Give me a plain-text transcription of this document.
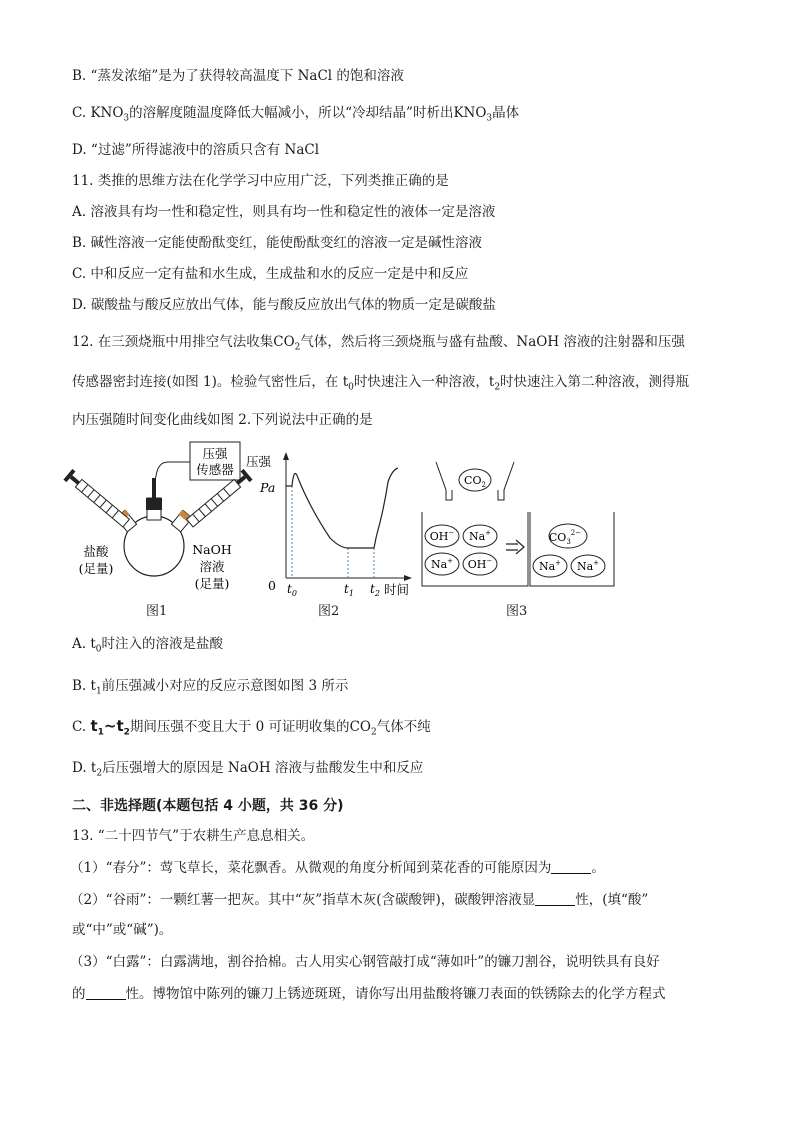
B. “蒸发浓缩”是为了获得较高温度下 NaCl 的饱和溶液
C. $KNO_3$的溶解度随温度降低大幅减小，所以“冷却结晶”时析出$KNO_3$晶体
D. “过滤”所得滤液中的溶质只含有 NaCl
11. 类推的思维方法在化学学习中应用广泛，下列类推正确的是
A. 溶液具有均一性和稳定性，则具有均一性和稳定性的液体一定是溶液
B. 碱性溶液一定能使酚酞变红，能使酚酞变红的溶液一定是碱性溶液
C. 中和反应一定有盐和水生成，生成盐和水的反应一定是中和反应
D. 碳酸盐与酸反应放出气体，能与酸反应放出气体的物质一定是碳酸盐
12. 在三颈烧瓶中用排空气法收集$CO_2$气体，然后将三颈烧瓶与盛有盐酸、NaOH 溶液的注射器和压强
传感器密封连接(如图 1)。检验气密性后，在 $t_0$时快速注入一种溶液，$t_2$时快速注入第二种溶液，测得瓶
内压强随时间变化曲线如图 2.下列说法中正确的是
压强
传感器
盐酸
(足量)
NaOH
溶液
(足量)
图1
压强
Pa
0 $t_0$	$t_1$ $t_2$ 时间
图2
$CO_2$
OH− Na+
Na+ OH−
$CO_3^{2-}$
Na+ Na+
图3
A. $t_0$时注入的溶液是盐酸
B. $t_1$前压强减小对应的反应示意图如图 3 所示
C. $t_1\sim t_2$期间压强不变且大于 0 可证明收集的$CO_2$气体不纯
D. $t_2$后压强增大的原因是 NaOH 溶液与盐酸发生中和反应
二、非选择题(本题包括 4 小题，共 36 分)
13. “二十四节气”于农耕生产息息相关。
（1）“春分”：莺飞草长，菜花飘香。从微观的角度分析闻到菜花香的可能原因为	。
（2）“谷雨”：一颗红薯一把灰。其中“灰”指草木灰(含碳酸钾)，碳酸钾溶液显	性，(填“酸”
或“中”或“碱”)。
（3）“白露”：白露满地，割谷拾棉。古人用实心钢管敲打成“薄如叶”的镰刀割谷，说明铁具有良好
的	性。博物馆中陈列的镰刀上锈迹斑斑，请你写出用盐酸将镰刀表面的铁锈除去的化学方程式
